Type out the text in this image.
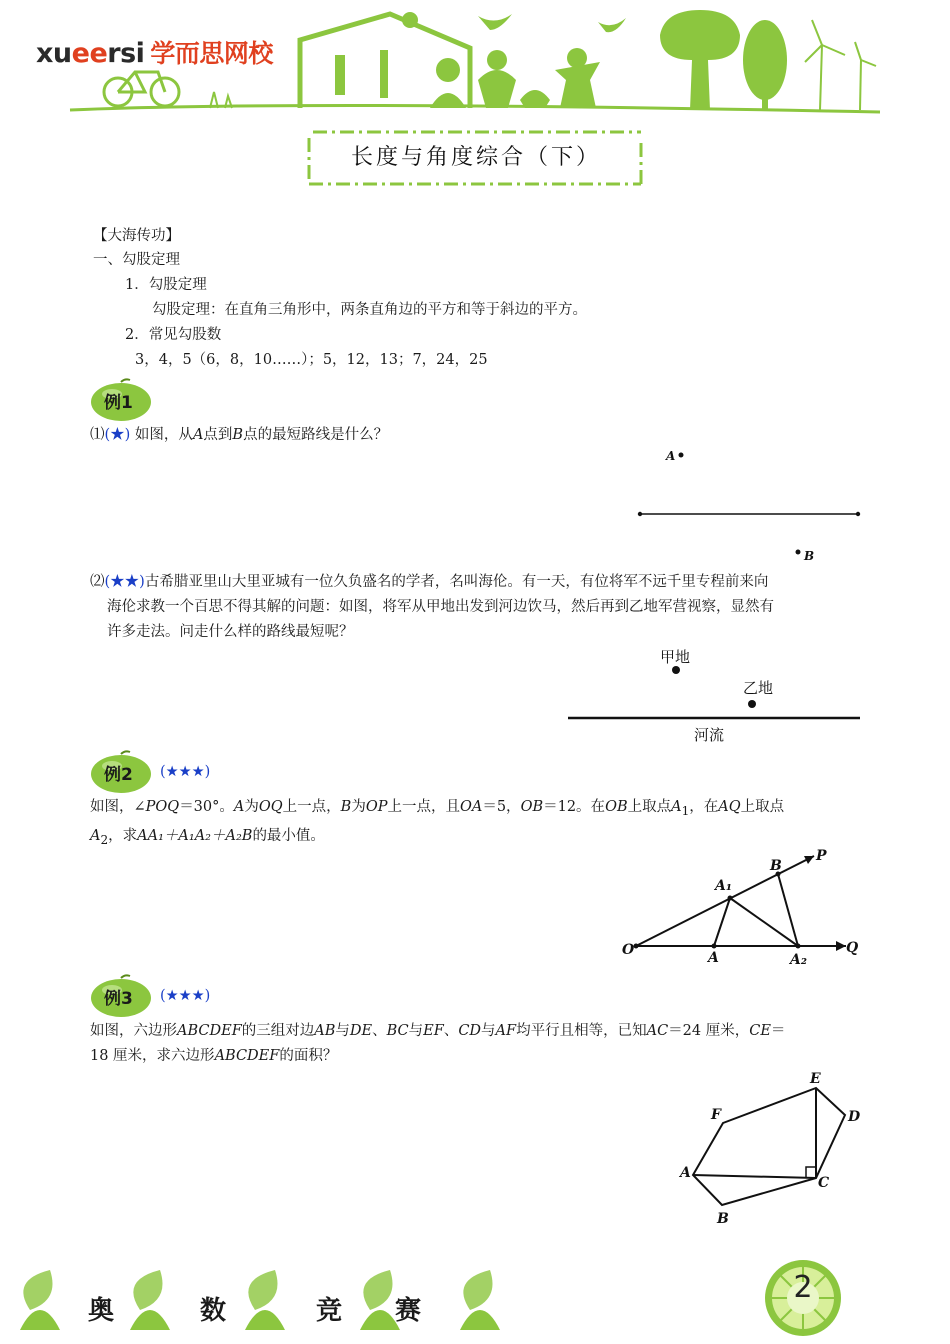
xueersi 学而思网校
长度与角度综合（下）
【大海传功】
一、勾股定理
1．勾股定理
勾股定理：在直角三角形中，两条直角边的平方和等于斜边的平方。
2．常见勾股数
3，4，5（6，8，10……）；5，12，13；7，24，25
例1
⑴(★) 如图，从A点到B点的最短路线是什么？
A
B
⑵(★★)古希腊亚里山大里亚城有一位久负盛名的学者，名叫海伦。有一天，有位将军不远千里专程前来向
海伦求教一个百思不得其解的问题：如图，将军从甲地出发到河边饮马，然后再到乙地军营视察，显然有
许多走法。问走什么样的路线最短呢？
甲地
乙地
河流
例2 (★★★)
如图，∠POQ＝30°。A为OQ上一点，B为OP上一点，且OA＝5，OB＝12。在OB上取点$A_1$，在AQ上取点
$A_2$，求AA₁＋A₁A₂＋A₂B的最小值。
O	A
A₁
A₂
B
P
Q
例3 (★★★)
如图，六边形ABCDEF的三组对边AB与DE、BC与EF、CD与AF均平行且相等，已知AC＝24 厘米，CE＝
18 厘米，求六边形ABCDEF的面积？
A
B
C
D
E
F
奥	数	竞 赛
2
